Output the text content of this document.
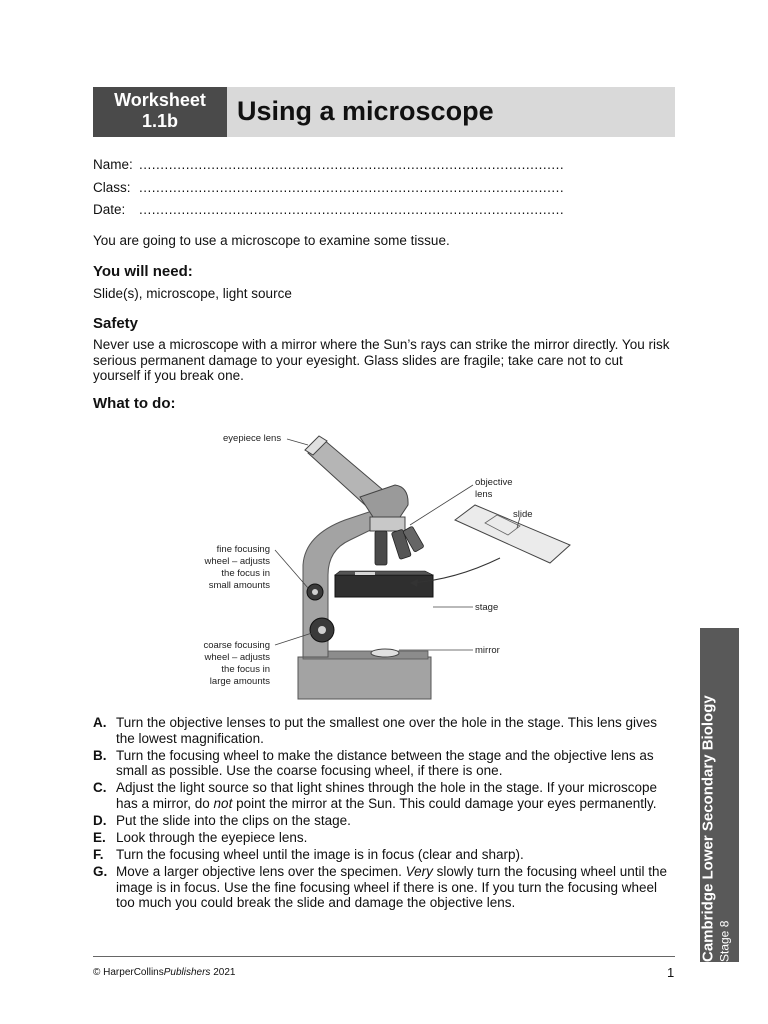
Worksheet
1.1b	Using a microscope
Name: ....................................................................................................
Class: ....................................................................................................
Date: ....................................................................................................
You are going to use a microscope to examine some tissue.
You will need:
Slide(s), microscope, light source
Safety
Never use a microscope with a mirror where the Sun’s rays can strike the mirror directly. You risk serious permanent damage to your eyesight. Glass slides are fragile; take care not to cut yourself if you break one.
What to do:
eyepiece lens
objective
lens
slide
fine focusing
wheel – adjusts
the focus in
small amounts
stage
coarse focusing
wheel – adjusts
the focus in
large amounts
mirror
A. Turn the objective lenses to put the smallest one over the hole in the stage. This lens gives the lowest magnification.
B. Turn the focusing wheel to make the distance between the stage and the objective lens as small as possible. Use the coarse focusing wheel, if there is one.
C. Adjust the light source so that light shines through the hole in the stage. If your microscope has a mirror, do not point the mirror at the Sun. This could damage your eyes permanently.
D. Put the slide into the clips on the stage.
E. Look through the eyepiece lens.
F. Turn the focusing wheel until the image is in focus (clear and sharp).
G. Move a larger objective lens over the specimen. Very slowly turn the focusing wheel until the image is in focus. Use the fine focusing wheel if there is one. If you turn the focusing wheel too much you could break the slide and damage the objective lens.
© HarperCollinsPublishers 2021	1
Cambridge Lower Secondary Biology Stage 8
